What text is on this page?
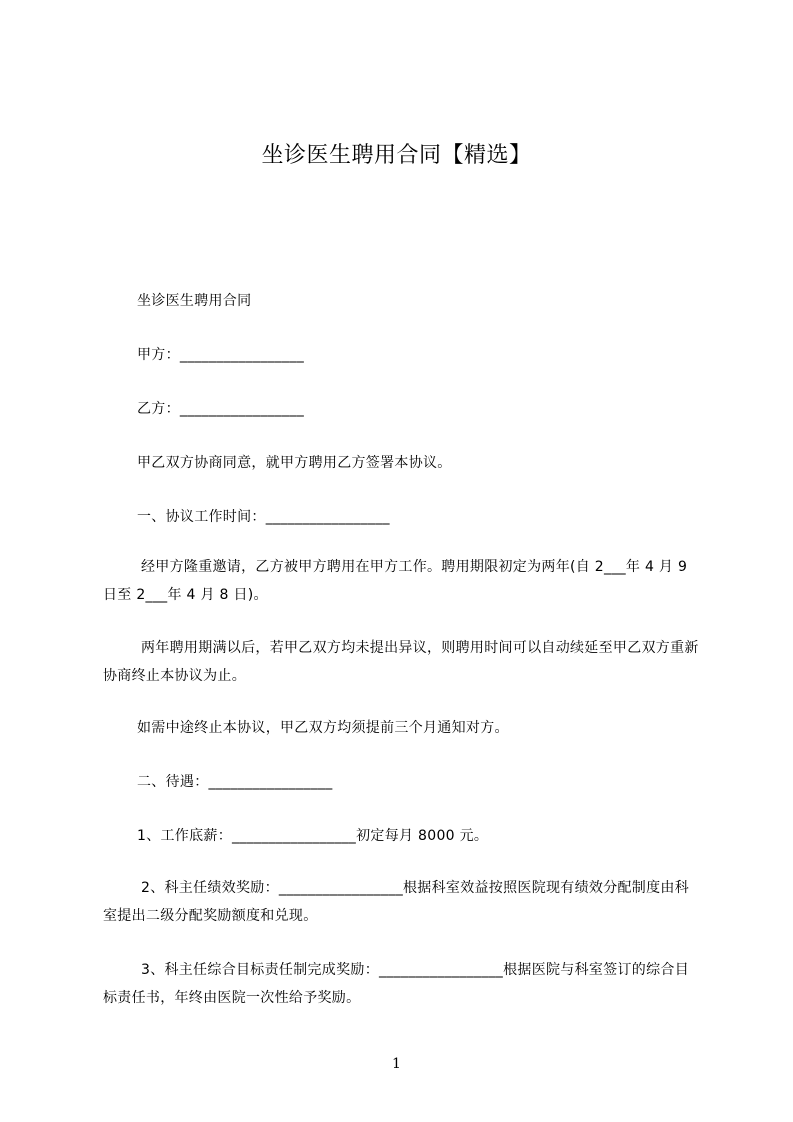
坐诊医生聘用合同【精选】
坐诊医生聘用合同
甲方：_________________
乙方：_________________
甲乙双方协商同意，就甲方聘用乙方签署本协议。
一、协议工作时间：_________________
经甲方隆重邀请，乙方被甲方聘用在甲方工作。聘用期限初定为两年(自 2___年 4 月 9 日至 2___年 4 月 8 日)。
两年聘用期满以后，若甲乙双方均未提出异议，则聘用时间可以自动续延至甲乙双方重新协商终止本协议为止。
如需中途终止本协议，甲乙双方均须提前三个月通知对方。
二、待遇：_________________
1、工作底薪：_________________初定每月 8000 元。
2、科主任绩效奖励：_________________根据科室效益按照医院现有绩效分配制度由科室提出二级分配奖励额度和兑现。
3、科主任综合目标责任制完成奖励：_________________根据医院与科室签订的综合目标责任书，年终由医院一次性给予奖励。
1
